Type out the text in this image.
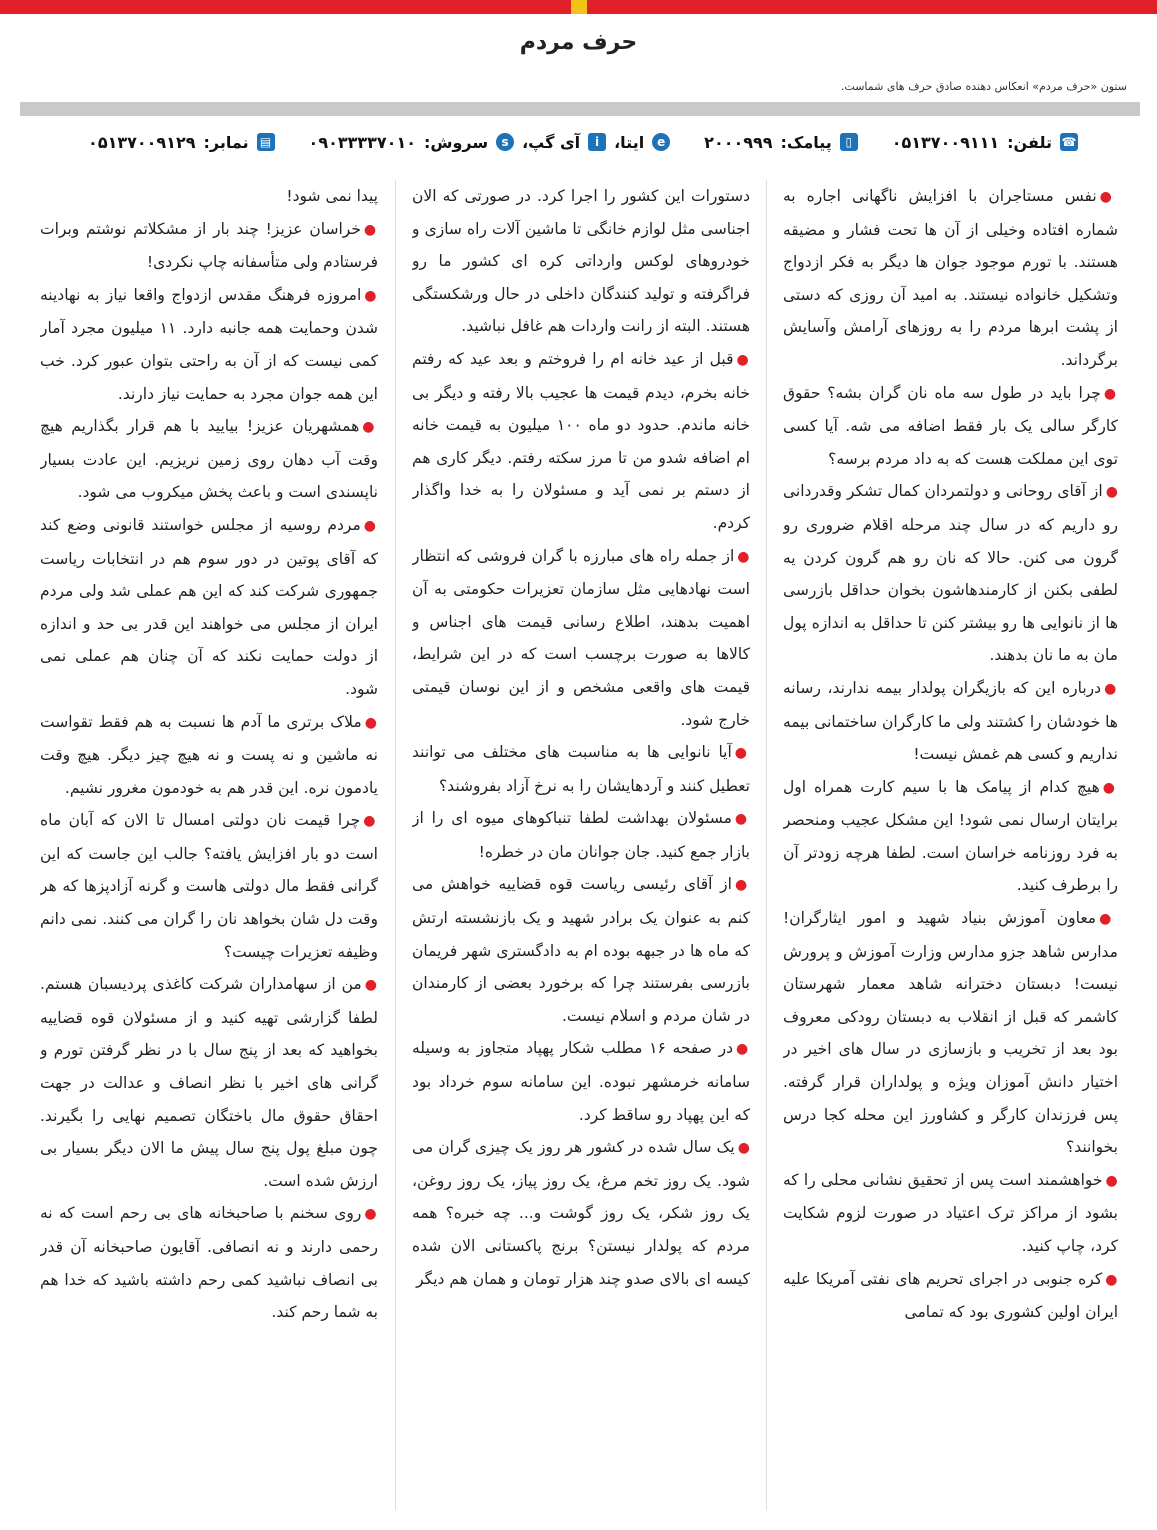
حرف مردم
ستون «حرف مردم» انعکاس دهنده صادق حرف های شماست.
☎
تلفن:
۰۵۱۳۷۰۰۹۱۱۱
▯
پیامک:
۲۰۰۰۹۹۹
e
ایتا،
i
آی گپ،
s
سروش:
۰۹۰۳۳۳۳۷۰۱۰
▤
نمابر:
۰۵۱۳۷۰۰۹۱۲۹

●نفس مستاجران با افزایش ناگهانی اجاره به شماره افتاده وخیلی از آن ها تحت فشار و مضیقه هستند. با تورم موجود جوان ها دیگر به فکر ازدواج وتشکیل خانواده نیستند. به امید آن روزی که دستی از پشت ابرها مردم را به روزهای آرامش وآسایش برگرداند.

●چرا باید در طول سه ماه نان گران بشه؟ حقوق کارگر سالی یک بار فقط اضافه می شه. آیا کسی توی این مملکت هست که به داد مردم برسه؟

●از آقای روحانی و دولتمردان کمال تشکر وقدردانی رو داریم که در سال چند مرحله اقلام ضروری رو گرون می کنن. حالا که نان رو هم گرون کردن یه لطفی بکنن از کارمندهاشون بخوان حداقل بازرسی ها از نانوایی ها رو بیشتر کنن تا حداقل به اندازه پول مان به ما نان بدهند.

●درباره این که بازیگران پولدار بیمه ندارند، رسانه ها خودشان را کشتند ولی ما کارگران ساختمانی بیمه نداریم و کسی هم غمش نیست!

●هیچ کدام از پیامک ها با سیم کارت همراه اول برایتان ارسال نمی شود! این مشکل عجیب ومنحصر به فرد روزنامه خراسان است. لطفا هرچه زودتر آن را برطرف کنید.

●معاون آموزش بنیاد شهید و امور ایثارگران! مدارس شاهد جزو مدارس وزارت آموزش و پرورش نیست! دبستان دخترانه شاهد معمار شهرستان کاشمر که قبل از انقلاب به دبستان رودکی معروف بود بعد از تخریب و بازسازی در سال های اخیر در اختیار دانش آموزان ویژه و پولداران قرار گرفته. پس فرزندان کارگر و کشاورز این محله کجا درس بخوانند؟

●خواهشمند است پس از تحقیق نشانی محلی را که بشود از مراکز ترک اعتیاد در صورت لزوم شکایت کرد، چاپ کنید.

●کره جنوبی در اجرای تحریم های نفتی آمریکا علیه ایران اولین کشوری بود که تمامی

دستورات این کشور را اجرا کرد. در صورتی که الان اجناسی مثل لوازم خانگی تا ماشین آلات راه سازی و خودروهای لوکس وارداتی کره ای کشور ما رو فراگرفته و تولید کنندگان داخلی در حال ورشکستگی هستند. البته از رانت واردات هم غافل نباشید.

●قبل از عید خانه ام را فروختم و بعد عید که رفتم خانه بخرم، دیدم قیمت ها عجیب بالا رفته و دیگر بی خانه ماندم. حدود دو ماه ۱۰۰ میلیون به قیمت خانه ام اضافه شدو من تا مرز سکته رفتم. دیگر کاری هم از دستم بر نمی آید و مسئولان را به خدا واگذار کردم.

●از جمله راه های مبارزه با گران فروشی که انتظار است نهادهایی مثل سازمان تعزیرات حکومتی به آن اهمیت بدهند، اطلاع رسانی قیمت های اجناس و کالاها به صورت برچسب است که در این شرایط، قیمت های واقعی مشخص و از این نوسان قیمتی خارج شود.

●آیا نانوایی ها به مناسبت های مختلف می توانند تعطیل کنند و آردهایشان را به نرخ آزاد بفروشند؟

●مسئولان بهداشت لطفا تنباکوهای میوه ای را از بازار جمع کنید. جان جوانان مان در خطره!

●از آقای رئیسی ریاست قوه قضاییه خواهش می کنم به عنوان یک برادر شهید و یک بازنشسته ارتش که ماه ها در جبهه بوده ام به دادگستری شهر فریمان بازرسی بفرستند چرا که برخورد بعضی از کارمندان در شان مردم و اسلام نیست.

●در صفحه ۱۶ مطلب شکار پهپاد متجاوز به وسیله سامانه خرمشهر نبوده. این سامانه سوم خرداد بود که این پهپاد رو ساقط کرد.

●یک سال شده در کشور هر روز یک چیزی گران می شود. یک روز تخم مرغ، یک روز پیاز، یک روز روغن، یک روز شکر، یک روز گوشت و... چه خبره؟ همه مردم که پولدار نیستن؟ برنج پاکستانی الان شده کیسه ای بالای صدو چند هزار تومان و همان هم دیگر

پیدا نمی شود!

●خراسان عزیز! چند بار از مشکلاتم نوشتم وبرات فرستادم ولی متأسفانه چاپ نکردی!

●امروزه فرهنگ مقدس ازدواج واقعا نیاز به نهادینه شدن وحمایت همه جانبه دارد. ۱۱ میلیون مجرد آمار کمی نیست که از آن به راحتی بتوان عبور کرد. خب این همه جوان مجرد به حمایت نیاز دارند.

●همشهریان عزیز! بیایید با هم قرار بگذاریم هیچ وقت آب دهان روی زمین نریزیم. این عادت بسیار ناپسندی است و باعث پخش میکروب می شود.

●مردم روسیه از مجلس خواستند قانونی وضع کند که آقای پوتین در دور سوم هم در انتخابات ریاست جمهوری شرکت کند که این هم عملی شد ولی مردم ایران از مجلس می خواهند این قدر بی حد و اندازه از دولت حمایت نکند که آن چنان هم عملی نمی شود.

●ملاک برتری ما آدم ها نسبت به هم فقط تقواست نه ماشین و نه پست و نه هیچ چیز دیگر. هیچ وقت یادمون نره. این قدر هم به خودمون مغرور نشیم.

●چرا قیمت نان دولتی امسال تا الان که آبان ماه است دو بار افزایش یافته؟ جالب این جاست که این گرانی فقط مال دولتی هاست و گرنه آزادپزها که هر وقت دل شان بخواهد نان را گران می کنند. نمی دانم وظیفه تعزیرات چیست؟

●من از سهامداران شرکت کاغذی پردیسبان هستم. لطفا گزارشی تهیه کنید و از مسئولان قوه قضاییه بخواهید که بعد از پنج سال با در نظر گرفتن تورم و گرانی های اخیر با نظر انصاف و عدالت در جهت احقاق حقوق مال باختگان تصمیم نهایی را بگیرند. چون مبلغ پول پنج سال پیش ما الان دیگر بسیار بی ارزش شده است.

●روی سخنم با صاحبخانه های بی رحم است که نه رحمی دارند و نه انصافی. آقایون صاحبخانه آن قدر بی انصاف نباشید کمی رحم داشته باشید که خدا هم به شما رحم کند.
